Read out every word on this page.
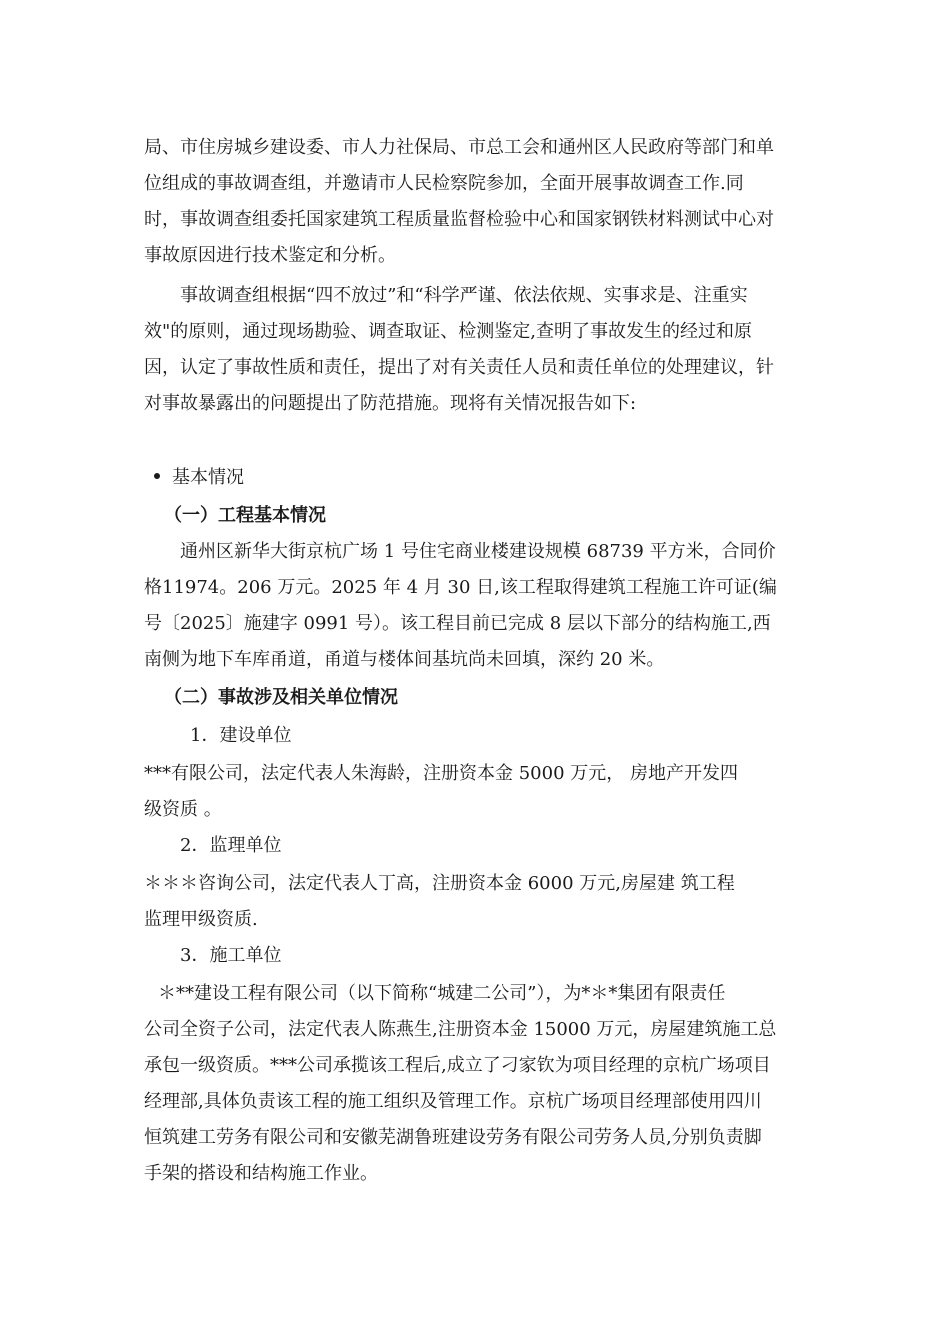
局、市住房城乡建设委、市人力社保局、市总工会和通州区人民政府等部门和单
位组成的事故调查组，并邀请市人民检察院参加，全面开展事故调查工作.同
时，事故调查组委托国家建筑工程质量监督检验中心和国家钢铁材料测试中心对
事故原因进行技术鉴定和分析。
事故调查组根据“四不放过”和“科学严谨、依法依规、实事求是、注重实
效"的原则，通过现场勘验、调查取证、检测鉴定,查明了事故发生的经过和原
因，认定了事故性质和责任，提出了对有关责任人员和责任单位的处理建议，针
对事故暴露出的问题提出了防范措施。现将有关情况报告如下:
基本情况
（一）工程基本情况
通州区新华大街京杭广场 1 号住宅商业楼建设规模 68739 平方米，合同价
格11974。206 万元。2025 年 4 月 30 日,该工程取得建筑工程施工许可证(编
号〔2025〕施建字 0991 号）。该工程目前已完成 8 层以下部分的结构施工,西
南侧为地下车库甬道，甬道与楼体间基坑尚未回填，深约 20 米。
（二）事故涉及相关单位情况
1．建设单位
***有限公司，法定代表人朱海龄，注册资本金 5000 万元， 房地产开发四
级资质 。
2．监理单位
＊＊＊咨询公司，法定代表人丁高，注册资本金 6000 万元,房屋建 筑工程
监理甲级资质.
3．施工单位
＊**建设工程有限公司（以下简称“城建二公司”），为*＊*集团有限责任
公司全资子公司，法定代表人陈燕生,注册资本金 15000 万元，房屋建筑施工总
承包一级资质。***公司承揽该工程后,成立了刁家钦为项目经理的京杭广场项目
经理部,具体负责该工程的施工组织及管理工作。京杭广场项目经理部使用四川
恒筑建工劳务有限公司和安徽芜湖鲁班建设劳务有限公司劳务人员,分别负责脚
手架的搭设和结构施工作业。
